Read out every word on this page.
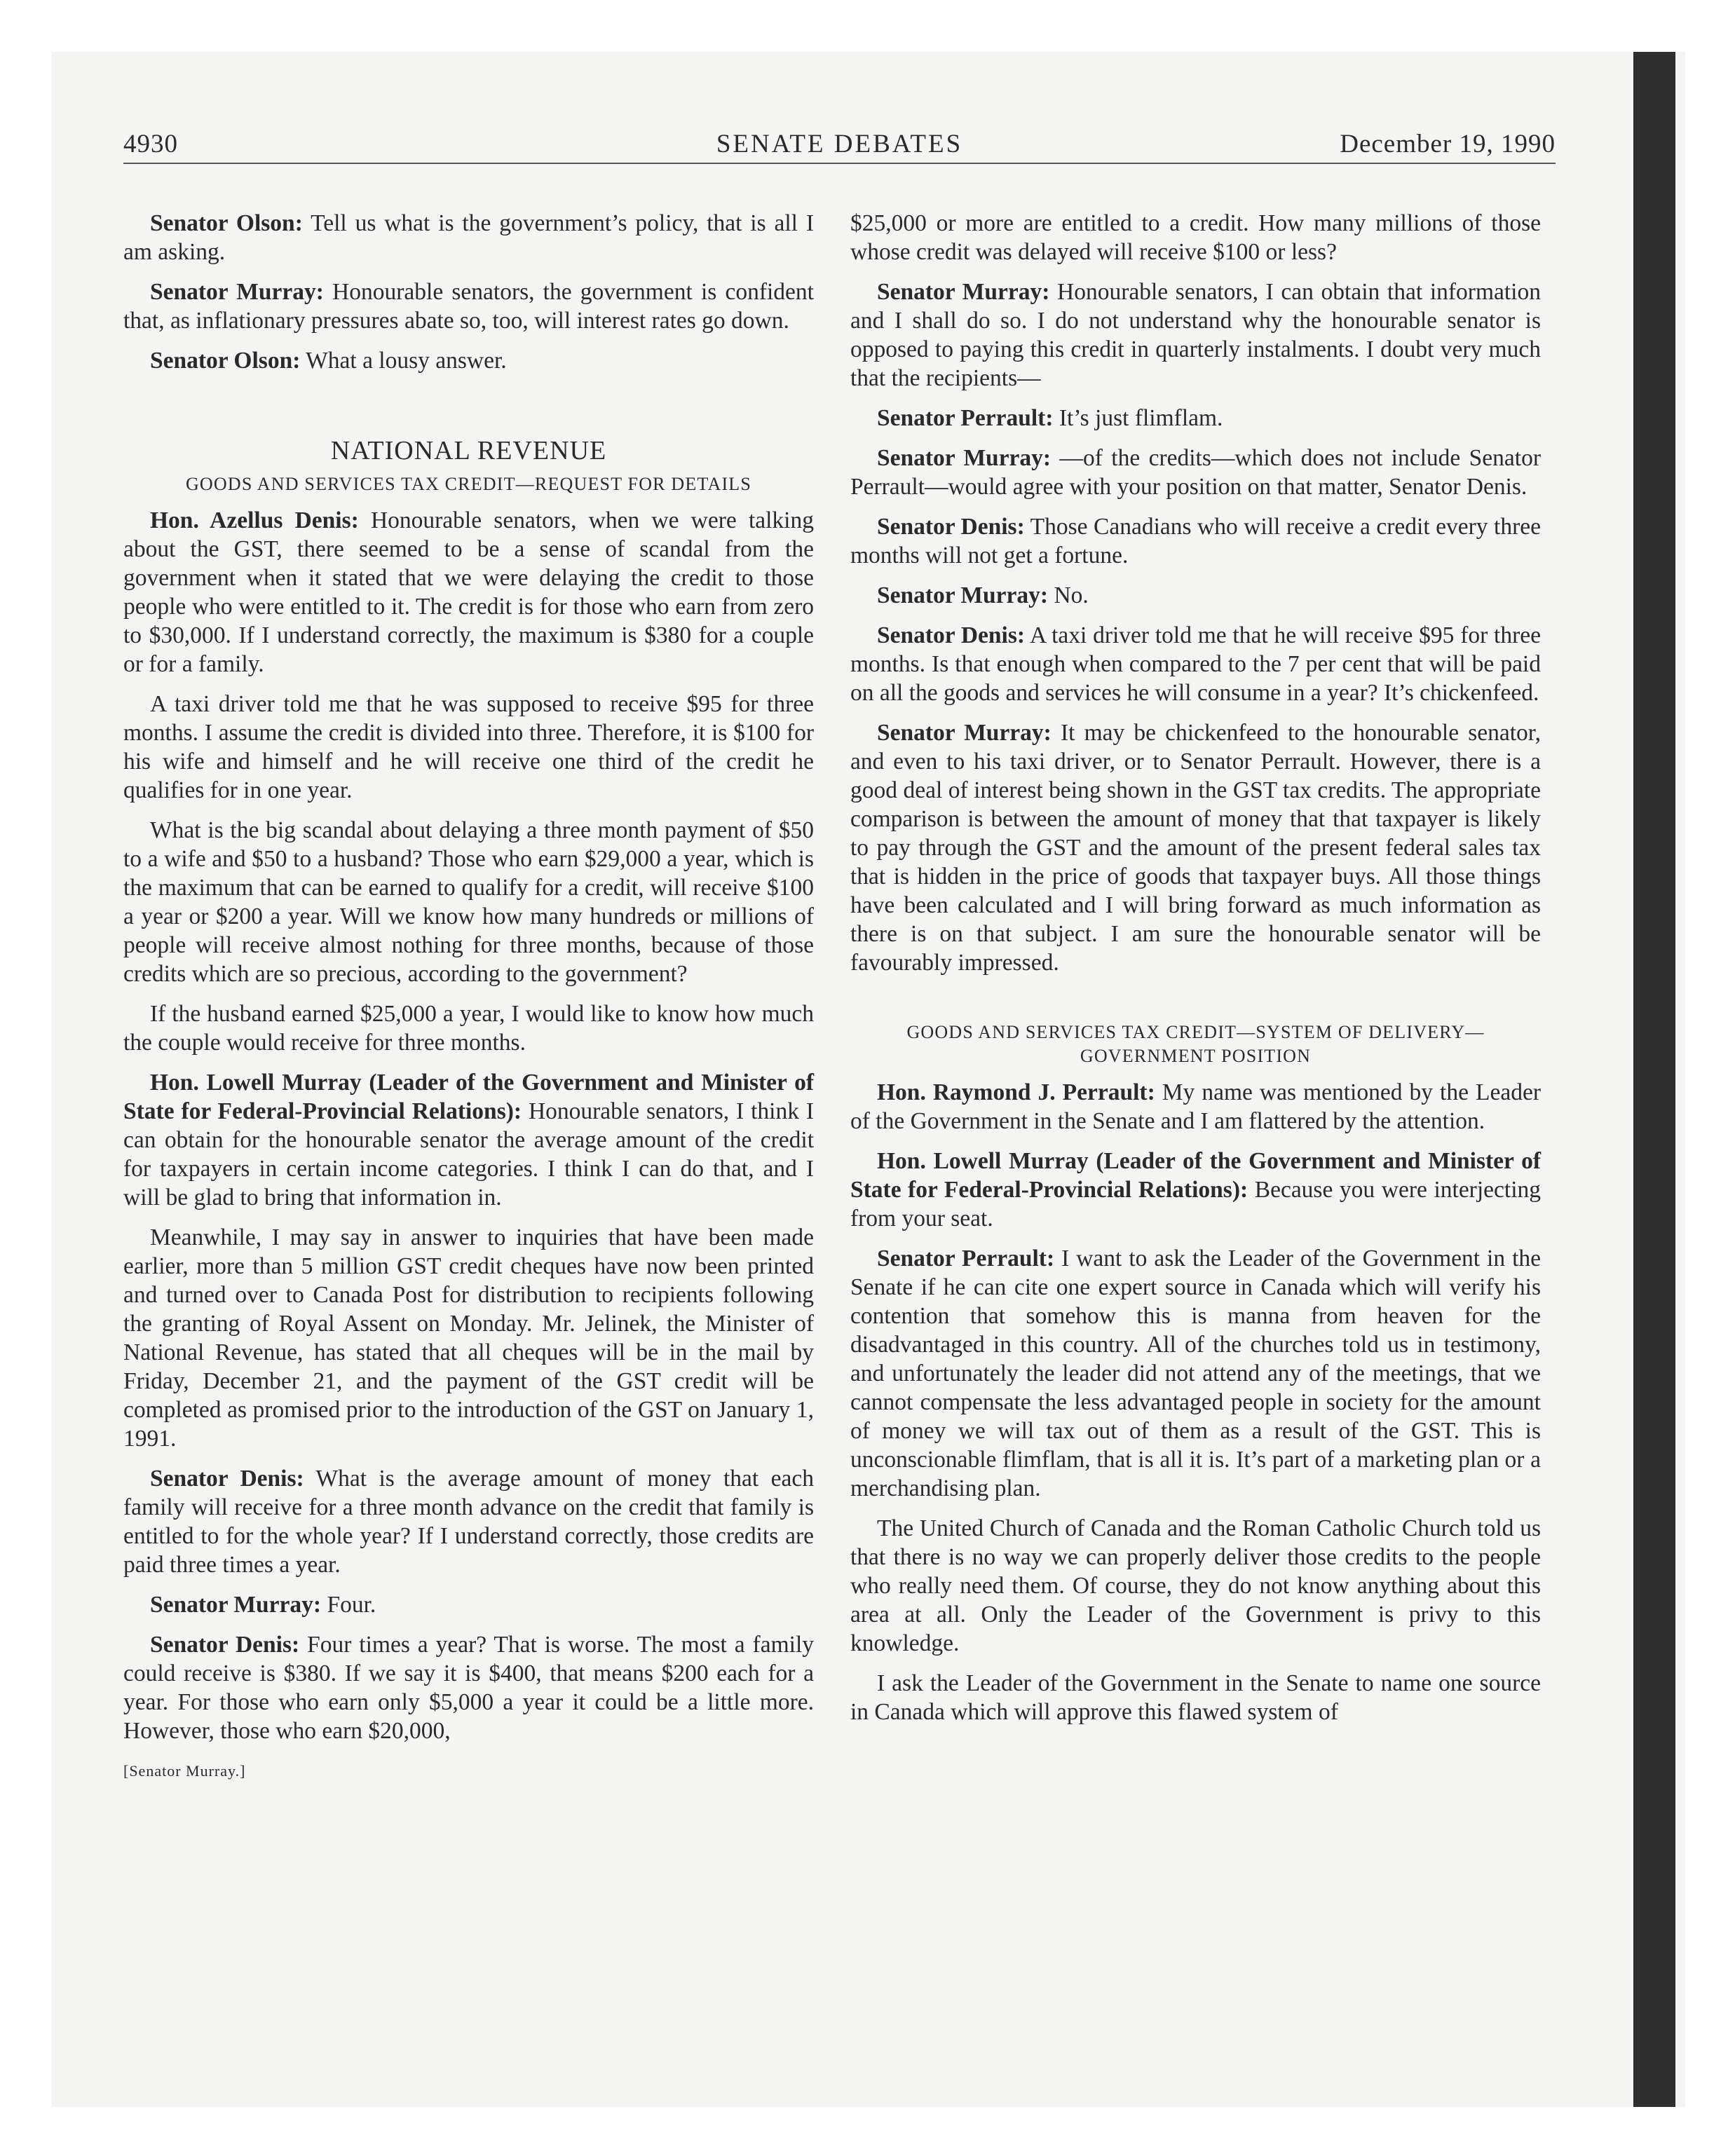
4930	SENATE DEBATES	December 19, 1990

Senator Olson: Tell us what is the government’s policy, that is all I am asking.

Senator Murray: Honourable senators, the government is confident that, as inflationary pressures abate so, too, will interest rates go down.

Senator Olson: What a lousy answer.

NATIONAL REVENUE
GOODS AND SERVICES TAX CREDIT—REQUEST FOR DETAILS

Hon. Azellus Denis: Honourable senators, when we were talking about the GST, there seemed to be a sense of scandal from the government when it stated that we were delaying the credit to those people who were entitled to it. The credit is for those who earn from zero to $30,000. If I understand correctly, the maximum is $380 for a couple or for a family.

A taxi driver told me that he was supposed to receive $95 for three months. I assume the credit is divided into three. Therefore, it is $100 for his wife and himself and he will receive one third of the credit he qualifies for in one year.

What is the big scandal about delaying a three month payment of $50 to a wife and $50 to a husband? Those who earn $29,000 a year, which is the maximum that can be earned to qualify for a credit, will receive $100 a year or $200 a year. Will we know how many hundreds or millions of people will receive almost nothing for three months, because of those credits which are so precious, according to the government?

If the husband earned $25,000 a year, I would like to know how much the couple would receive for three months.

Hon. Lowell Murray (Leader of the Government and Minister of State for Federal-Provincial Relations): Honourable senators, I think I can obtain for the honourable senator the average amount of the credit for taxpayers in certain income categories. I think I can do that, and I will be glad to bring that information in.

Meanwhile, I may say in answer to inquiries that have been made earlier, more than 5 million GST credit cheques have now been printed and turned over to Canada Post for distribution to recipients following the granting of Royal Assent on Monday. Mr. Jelinek, the Minister of National Revenue, has stated that all cheques will be in the mail by Friday, December 21, and the payment of the GST credit will be completed as promised prior to the introduction of the GST on January 1, 1991.

Senator Denis: What is the average amount of money that each family will receive for a three month advance on the credit that family is entitled to for the whole year? If I understand correctly, those credits are paid three times a year.

Senator Murray: Four.

Senator Denis: Four times a year? That is worse. The most a family could receive is $380. If we say it is $400, that means $200 each for a year. For those who earn only $5,000 a year it could be a little more. However, those who earn $20,000,

[Senator Murray.]

$25,000 or more are entitled to a credit. How many millions of those whose credit was delayed will receive $100 or less?

Senator Murray: Honourable senators, I can obtain that information and I shall do so. I do not understand why the honourable senator is opposed to paying this credit in quarterly instalments. I doubt very much that the recipients—

Senator Perrault: It’s just flimflam.

Senator Murray: —of the credits—which does not include Senator Perrault—would agree with your position on that matter, Senator Denis.

Senator Denis: Those Canadians who will receive a credit every three months will not get a fortune.

Senator Murray: No.

Senator Denis: A taxi driver told me that he will receive $95 for three months. Is that enough when compared to the 7 per cent that will be paid on all the goods and services he will consume in a year? It’s chickenfeed.

Senator Murray: It may be chickenfeed to the honourable senator, and even to his taxi driver, or to Senator Perrault. However, there is a good deal of interest being shown in the GST tax credits. The appropriate comparison is between the amount of money that that taxpayer is likely to pay through the GST and the amount of the present federal sales tax that is hidden in the price of goods that taxpayer buys. All those things have been calculated and I will bring forward as much information as there is on that subject. I am sure the honourable senator will be favourably impressed.

GOODS AND SERVICES TAX CREDIT—SYSTEM OF DELIVERY—
GOVERNMENT POSITION

Hon. Raymond J. Perrault: My name was mentioned by the Leader of the Government in the Senate and I am flattered by the attention.

Hon. Lowell Murray (Leader of the Government and Minister of State for Federal-Provincial Relations): Because you were interjecting from your seat.

Senator Perrault: I want to ask the Leader of the Government in the Senate if he can cite one expert source in Canada which will verify his contention that somehow this is manna from heaven for the disadvantaged in this country. All of the churches told us in testimony, and unfortunately the leader did not attend any of the meetings, that we cannot compensate the less advantaged people in society for the amount of money we will tax out of them as a result of the GST. This is unconscionable flimflam, that is all it is. It’s part of a marketing plan or a merchandising plan.

The United Church of Canada and the Roman Catholic Church told us that there is no way we can properly deliver those credits to the people who really need them. Of course, they do not know anything about this area at all. Only the Leader of the Government is privy to this knowledge.

I ask the Leader of the Government in the Senate to name one source in Canada which will approve this flawed system of
